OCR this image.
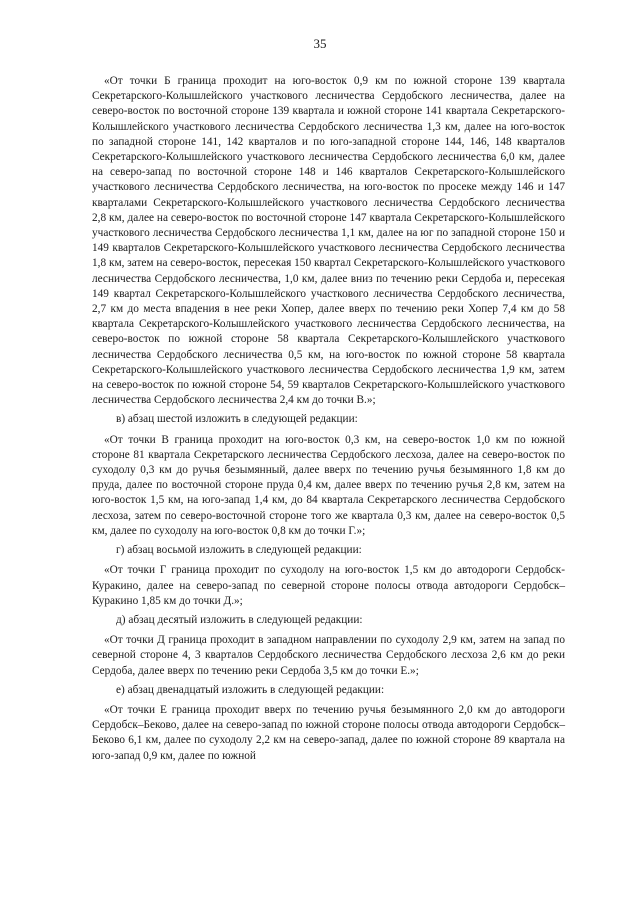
35

«От точки Б граница проходит на юго-восток 0,9 км по южной стороне 139 квартала Секретарского-Колышлейского участкового лесничества Сердобского лесничества, далее на северо-восток по восточной стороне 139 квартала и южной стороне 141 квартала Секретарского-Колышлейского участкового лесничества Сердобского лесничества 1,3 км, далее на юго-восток по западной стороне 141, 142 кварталов и по юго-западной стороне 144, 146, 148 кварталов Секретарского-Колышлейского участкового лесничества Сердобского лесничества 6,0 км, далее на северо-запад по восточной стороне 148 и 146 кварталов Секретарского-Колышлейского участкового лесничества Сердобского лесничества, на юго-восток по просеке между 146 и 147 кварталами Секретарского-Колышлейского участкового лесничества Сердобского лесничества 2,8 км, далее на северо-восток по восточной стороне 147 квартала Секретарского-Колышлейского участкового лесничества Сердобского лесничества 1,1 км, далее на юг по западной стороне 150 и 149 кварталов Секретарского-Колышлейского участкового лесничества Сердобского лесничества 1,8 км, затем на северо-восток, пересекая 150 квартал Секретарского-Колышлейского участкового лесничества Сердобского лесничества, 1,0 км, далее вниз по течению реки Сердоба и, пересекая 149 квартал Секретарского-Колышлейского участкового лесничества Сердобского лесничества, 2,7 км до места впадения в нее реки Хопер, далее вверх по течению реки Хопер 7,4 км до 58 квартала Секретарского-Колышлейского участкового лесничества Сердобского лесничества, на северо-восток по южной стороне 58 квартала Секретарского-Колышлейского участкового лесничества Сердобского лесничества 0,5 км, на юго-восток по южной стороне 58 квартала Секретарского-Колышлейского участкового лесничества Сердобского лесничества 1,9 км, затем на северо-восток по южной стороне 54, 59 кварталов Секретарского-Колышлейского участкового лесничества Сердобского лесничества 2,4 км до точки В.»;

в) абзац шестой изложить в следующей редакции:

«От точки В граница проходит на юго-восток 0,3 км, на северо-восток 1,0 км по южной стороне 81 квартала Секретарского лесничества Сердобского лесхоза, далее на северо-восток по суходолу 0,3 км до ручья безымянный, далее вверх по течению ручья безымянного 1,8 км до пруда, далее по восточной стороне пруда 0,4 км, далее вверх по течению ручья 2,8 км, затем на юго-восток 1,5 км, на юго-запад 1,4 км, до 84 квартала Секретарского лесничества Сердобского лесхоза, затем по северо-восточной стороне того же квартала 0,3 км, далее на северо-восток 0,5 км, далее по суходолу на юго-восток 0,8 км до точки Г.»;

г) абзац восьмой изложить в следующей редакции:

«От точки Г граница проходит по суходолу на юго-восток 1,5 км до автодороги Сердобск-Куракино, далее на северо-запад по северной стороне полосы отвода автодороги Сердобск–Куракино 1,85 км до точки Д.»;

д) абзац десятый изложить в следующей редакции:

«От точки Д граница проходит в западном направлении по суходолу 2,9 км, затем на запад по северной стороне 4, 3 кварталов Сердобского лесничества Сердобского лесхоза 2,6 км до реки Сердоба, далее вверх по течению реки Сердоба 3,5 км до точки Е.»;

е) абзац двенадцатый изложить в следующей редакции:

«От точки Е граница проходит вверх по течению ручья безымянного 2,0 км до автодороги Сердобск–Беково, далее на северо-запад по южной стороне полосы отвода автодороги Сердобск–Беково 6,1 км, далее по суходолу 2,2 км на северо-запад, далее по южной стороне 89 квартала на юго-запад 0,9 км, далее по южной
